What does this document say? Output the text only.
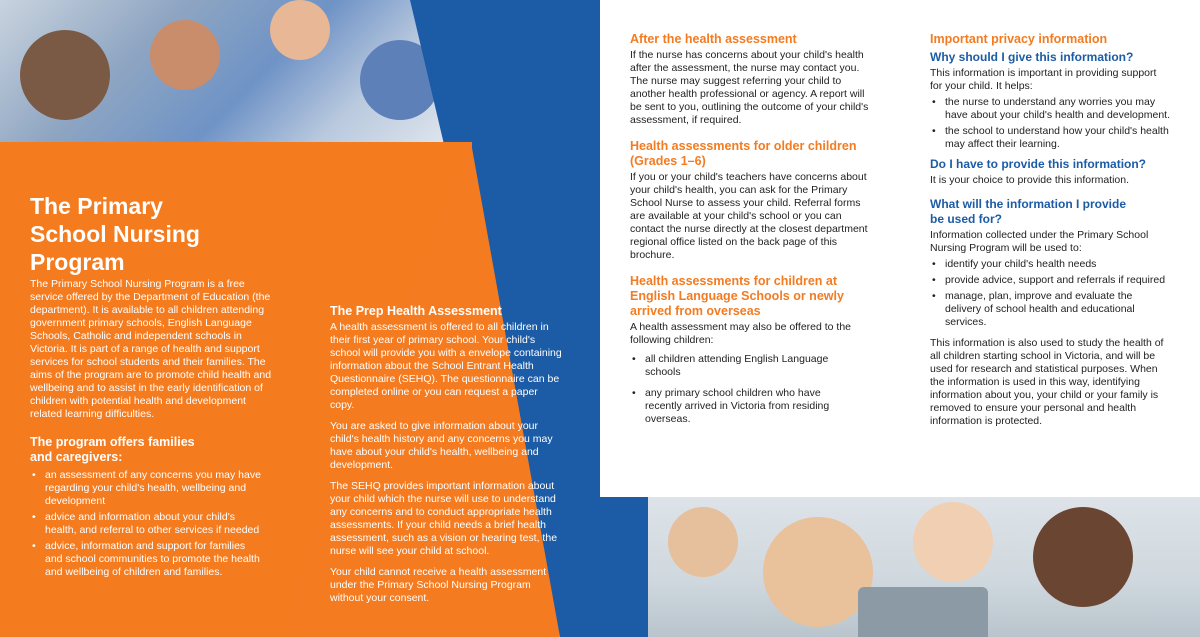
The Primary School Nursing Program
The Primary School Nursing Program is a free service offered by the Department of Education (the department). It is available to all children attending government primary schools, English Language Schools, Catholic and independent schools in Victoria. It is part of a range of health and support services for school students and their families. The aims of the program are to promote child health and wellbeing and to assist in the early identification of children with potential health and development related learning difficulties.
The program offers families and caregivers:
• an assessment of any concerns you may have regarding your child's health, wellbeing and development
• advice and information about your child's health, and referral to other services if needed
• advice, information and support for families and school communities to promote the health and wellbeing of children and families.
The Prep Health Assessment
A health assessment is offered to all children in their first year of primary school. Your child's school will provide you with a envelope containing information about the School Entrant Health Questionnaire (SEHQ). The questionnaire can be completed online or you can request a paper copy.
You are asked to give information about your child's health history and any concerns you may have about your child's health, wellbeing and development.
The SEHQ provides important information about your child which the nurse will use to understand any concerns and to conduct appropriate health assessments. If your child needs a brief health assessment, such as a vision or hearing test, the nurse will see your child at school.
Your child cannot receive a health assessment under the Primary School Nursing Program without your consent.
After the health assessment
If the nurse has concerns about your child's health after the assessment, the nurse may contact you. The nurse may suggest referring your child to another health professional or agency. A report will be sent to you, outlining the outcome of your child's assessment, if required.
Health assessments for older children (Grades 1–6)
If you or your child's teachers have concerns about your child's health, you can ask for the Primary School Nurse to assess your child. Referral forms are available at your child's school or you can contact the nurse directly at the closest department regional office listed on the back page of this brochure.
Health assessments for children at English Language Schools or newly arrived from overseas
A health assessment may also be offered to the following children:
• all children attending English Language schools
• any primary school children who have recently arrived in Victoria from residing overseas.
Important privacy information
Why should I give this information?
This information is important in providing support for your child. It helps:
• the nurse to understand any worries you may have about your child's health and development.
• the school to understand how your child's health may affect their learning.
Do I have to provide this information?
It is your choice to provide this information.
What will the information I provide be used for?
Information collected under the Primary School Nursing Program will be used to:
• identify your child's health needs
• provide advice, support and referrals if required
• manage, plan, improve and evaluate the delivery of school health and educational services.
This information is also used to study the health of all children starting school in Victoria, and will be used for research and statistical purposes. When the information is used in this way, identifying information about you, your child or your family is removed to ensure your personal and health information is protected.
